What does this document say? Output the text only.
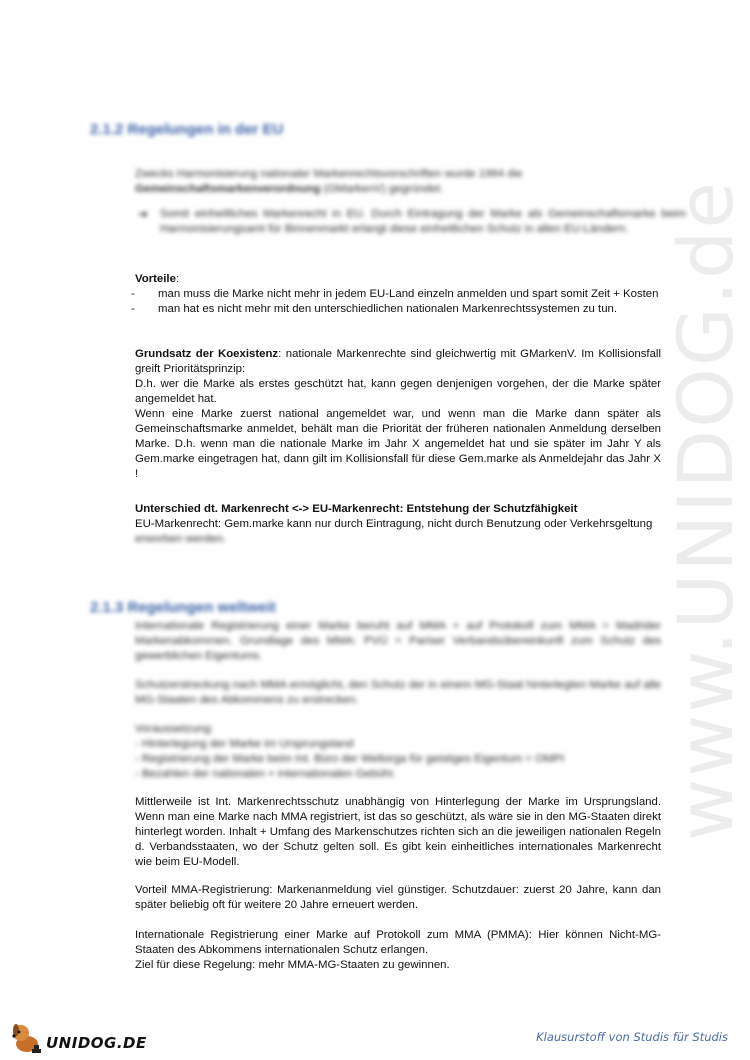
www.UNIDOG.de
2.1.2 Regelungen in der EU
Zwecks Harmonisierung nationaler Markenrechtsvorschriften wurde 1994 die
Gemeinschaftsmarkenverordnung (GMarkenV) gegründet.
➔ Somit einheitliches Markenrecht in EU. Durch Eintragung der Marke als Gemeinschaftsmarke beim Harmonisierungsamt für Binnenmarkt erlangt diese einheitlichen Schutz in allen EU-Ländern.
Vorteile:
- man muss die Marke nicht mehr in jedem EU-Land einzeln anmelden und spart somit Zeit + Kosten
- man hat es nicht mehr mit den unterschiedlichen nationalen Markenrechtssystemen zu tun.
Grundsatz der Koexistenz: nationale Markenrechte sind gleichwertig mit GMarkenV. Im Kollisionsfall greift Prioritätsprinzip:
D.h. wer die Marke als erstes geschützt hat, kann gegen denjenigen vorgehen, der die Marke später angemeldet hat.
Wenn eine Marke zuerst national angemeldet war, und wenn man die Marke dann später als Gemeinschaftsmarke anmeldet, behält man die Priorität der früheren nationalen Anmeldung derselben Marke. D.h. wenn man die nationale Marke im Jahr X angemeldet hat und sie später im Jahr Y als Gem.marke eingetragen hat, dann gilt im Kollisionsfall für diese Gem.marke als Anmeldejahr das Jahr X !
Unterschied dt. Markenrecht <-> EU-Markenrecht: Entstehung der Schutzfähigkeit
EU-Markenrecht: Gem.marke kann nur durch Eintragung, nicht durch Benutzung oder Verkehrsgeltung
erworben werden.
2.1.3 Regelungen weltweit
Internationale Registrierung einer Marke beruht auf MMA + auf Protokoll zum MMA = Madrider Markenabkommen. Grundlage des MMA: PVÜ = Pariser Verbandsübereinkunft zum Schutz des gewerblichen Eigentums.
Schutzerstreckung nach MMA ermöglicht, den Schutz der in einem MG-Staat hinterlegten Marke auf alle MG-Staaten des Abkommens zu erstrecken.
Voraussetzung:
- Hinterlegung der Marke im Ursprungsland
- Registrierung der Marke beim Int. Büro der Weltorga für geistiges Eigentum = OMPI
- Bezahlen der nationalen + internationalen Gebühr.
Mittlerweile ist Int. Markenrechtsschutz unabhängig von Hinterlegung der Marke im Ursprungsland. Wenn man eine Marke nach MMA registriert, ist das so geschützt, als wäre sie in den MG-Staaten direkt hinterlegt worden. Inhalt + Umfang des Markenschutzes richten sich an die jeweiligen nationalen Regeln d. Verbandsstaaten, wo der Schutz gelten soll. Es gibt kein einheitliches internationales Markenrecht wie beim EU-Modell.
Vorteil MMA-Registrierung: Markenanmeldung viel günstiger. Schutzdauer: zuerst 20 Jahre, kann dan später beliebig oft für weitere 20 Jahre erneuert werden.
Internationale Registrierung einer Marke auf Protokoll zum MMA (PMMA): Hier können Nicht-MG-Staaten des Abkommens internationalen Schutz erlangen.
Ziel für diese Regelung: mehr MMA-MG-Staaten zu gewinnen.
UNIDOG.DE	Klausurstoff von Studis für Studis
